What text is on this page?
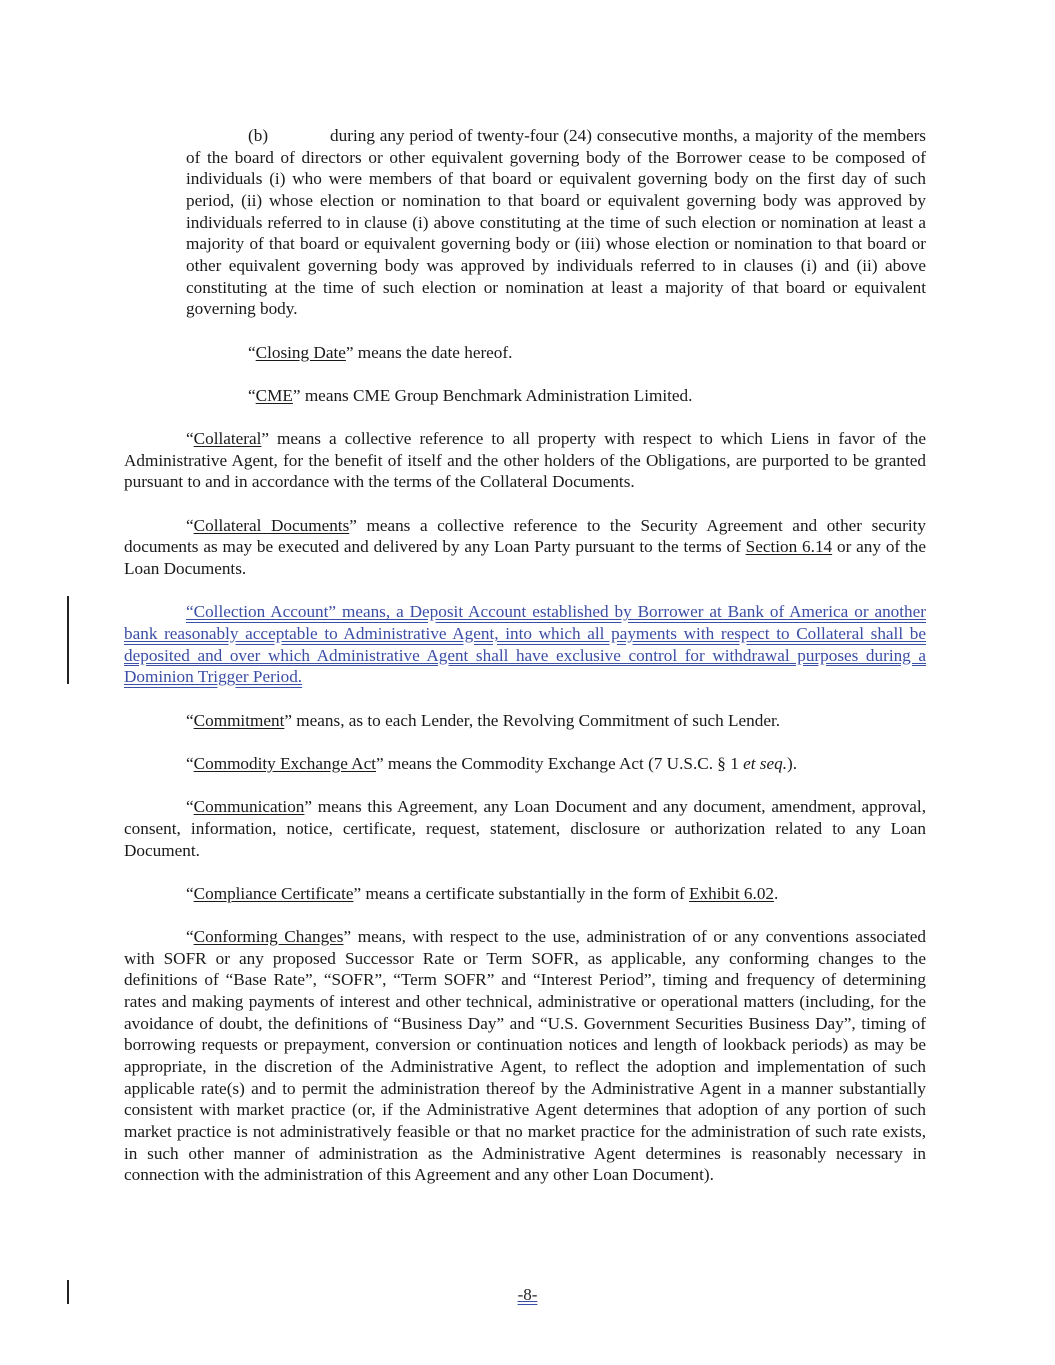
(b)	during any period of twenty-four (24) consecutive months, a majority of the members of the board of directors or other equivalent governing body of the Borrower cease to be composed of individuals (i) who were members of that board or equivalent governing body on the first day of such period, (ii) whose election or nomination to that board or equivalent governing body was approved by individuals referred to in clause (i) above constituting at the time of such election or nomination at least a majority of that board or equivalent governing body or (iii) whose election or nomination to that board or other equivalent governing body was approved by individuals referred to in clauses (i) and (ii) above constituting at the time of such election or nomination at least a majority of that board or equivalent governing body.

“Closing Date” means the date hereof.

“CME” means CME Group Benchmark Administration Limited.

“Collateral” means a collective reference to all property with respect to which Liens in favor of the Administrative Agent, for the benefit of itself and the other holders of the Obligations, are purported to be granted pursuant to and in accordance with the terms of the Collateral Documents.

“Collateral Documents” means a collective reference to the Security Agreement and other security documents as may be executed and delivered by any Loan Party pursuant to the terms of Section 6.14 or any of the Loan Documents.

“Collection Account” means, a Deposit Account established by Borrower at Bank of America or another bank reasonably acceptable to Administrative Agent, into which all payments with respect to Collateral shall be deposited and over which Administrative Agent shall have exclusive control for withdrawal purposes during a Dominion Trigger Period.

“Commitment” means, as to each Lender, the Revolving Commitment of such Lender.

“Commodity Exchange Act” means the Commodity Exchange Act (7 U.S.C. § 1 et seq.).

“Communication” means this Agreement, any Loan Document and any document, amendment, approval, consent, information, notice, certificate, request, statement, disclosure or authorization related to any Loan Document.

“Compliance Certificate” means a certificate substantially in the form of Exhibit 6.02.

“Conforming Changes” means, with respect to the use, administration of or any conventions associated with SOFR or any proposed Successor Rate or Term SOFR, as applicable, any conforming changes to the definitions of “Base Rate”, “SOFR”, “Term SOFR” and “Interest Period”, timing and frequency of determining rates and making payments of interest and other technical, administrative or operational matters (including, for the avoidance of doubt, the definitions of “Business Day” and “U.S. Government Securities Business Day”, timing of borrowing requests or prepayment, conversion or continuation notices and length of lookback periods) as may be appropriate, in the discretion of the Administrative Agent, to reflect the adoption and implementation of such applicable rate(s) and to permit the administration thereof by the Administrative Agent in a manner substantially consistent with market practice (or, if the Administrative Agent determines that adoption of any portion of such market practice is not administratively feasible or that no market practice for the administration of such rate exists, in such other manner of administration as the Administrative Agent determines is reasonably necessary in connection with the administration of this Agreement and any other Loan Document).

-8-
